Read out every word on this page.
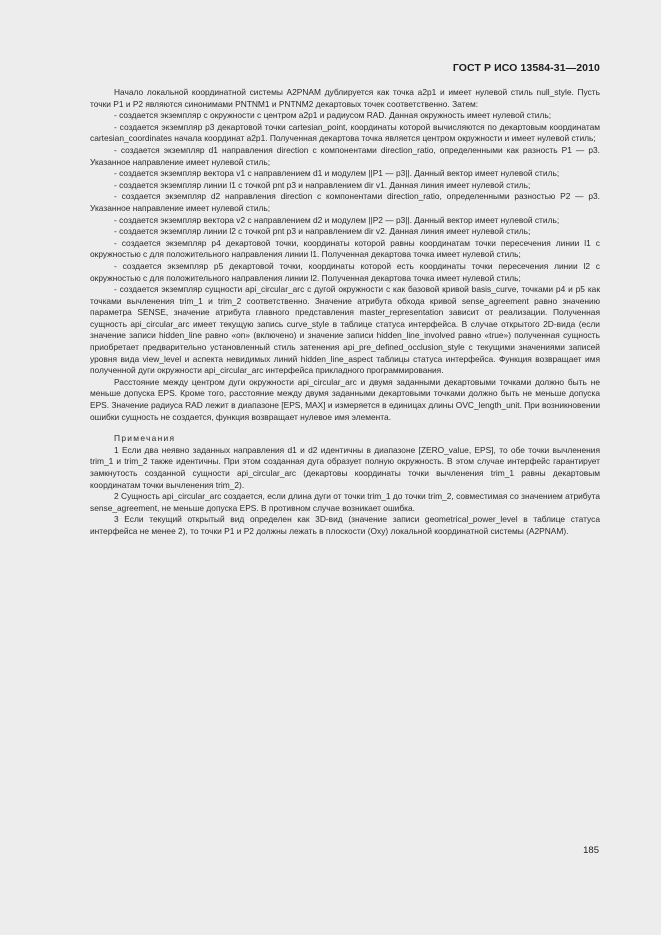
ГОСТ Р ИСО 13584-31—2010

Начало локальной координатной системы A2PNAM дублируется как точка a2p1 и имеет нулевой стиль null_style. Пусть точки P1 и P2 являются синонимами PNTNM1 и PNTNM2 декартовых точек соответственно. Затем:

- создается экземпляр c окружности с центром a2p1 и радиусом RAD. Данная окружность имеет нулевой стиль;

- создается экземпляр p3 декартовой точки cartesian_point, координаты которой вычисляются по декартовым координатам cartesian_coordinates начала координат a2p1. Полученная декартова точка является центром окружности и имеет нулевой стиль;

- создается экземпляр d1 направления direction с компонентами direction_ratio, определенными как разность P1 — p3. Указанное направление имеет нулевой стиль;

- создается экземпляр вектора v1 с направлением d1 и модулем ||P1 — p3||. Данный вектор имеет нулевой стиль;

- создается экземпляр линии l1 с точкой pnt p3 и направлением dir v1. Данная линия имеет нулевой стиль;

- создается экземпляр d2 направления direction с компонентами direction_ratio, определенными разностью P2 — p3. Указанное направление имеет нулевой стиль;

- создается экземпляр вектора v2 с направлением d2 и модулем ||P2 — p3||. Данный вектор имеет нулевой стиль;

- создается экземпляр линии l2 с точкой pnt p3 и направлением dir v2. Данная линия имеет нулевой стиль;

- создается экземпляр p4 декартовой точки, координаты которой равны координатам точки пересечения линии l1 с окружностью c для положительного направления линии l1. Полученная декартова точка имеет нулевой стиль;

- создается экземпляр p5 декартовой точки, координаты которой есть координаты точки пересечения линии l2 с окружностью c для положительного направления линии l2. Полученная декартова точка имеет нулевой стиль;

- создается экземпляр сущности api_circular_arc с дугой окружности c как базовой кривой basis_curve, точками p4 и p5 как точками вычленения trim_1 и trim_2 соответственно. Значение атрибута обхода кривой sense_agreement равно значению параметра SENSE, значение атрибута главного представления master_representation зависит от реализации. Полученная сущность api_circular_arc имеет текущую запись curve_style в таблице статуса интерфейса. В случае открытого 2D-вида (если значение записи hidden_line равно «on» (включено) и значение записи hidden_line_involved равно «true») полученная сущность приобретает предварительно установленный стиль затенения api_pre_defined_occlusion_style с текущими значениями записей уровня вида view_level и аспекта невидимых линий hidden_line_aspect таблицы статуса интерфейса. Функция возвращает имя полученной дуги окружности api_circular_arc интерфейса прикладного программирования.

Расстояние между центром дуги окружности api_circular_arc и двумя заданными декартовыми точками должно быть не меньше допуска EPS. Кроме того, расстояние между двумя заданными декартовыми точками должно быть не меньше допуска EPS. Значение радиуса RAD лежит в диапазоне [EPS, MAX] и измеряется в единицах длины OVC_length_unit. При возникновении ошибки сущность не создается, функция возвращает нулевое имя элемента.

Примечания

1 Если два неявно заданных направления d1 и d2 идентичны в диапазоне [ZERO_value, EPS], то обе точки вычленения trim_1 и trim_2 также идентичны. При этом созданная дуга образует полную окружность. В этом случае интерфейс гарантирует замкнутость созданной сущности api_circular_arc (декартовы координаты точки вычленения trim_1 равны декартовым координатам точки вычленения trim_2).

2 Сущность api_circular_arc создается, если длина дуги от точки trim_1 до точки trim_2, совместимая со значением атрибута sense_agreement, не меньше допуска EPS. В противном случае возникает ошибка.

3 Если текущий открытый вид определен как 3D-вид (значение записи geometrical_power_level в таблице статуса интерфейса не менее 2), то точки P1 и P2 должны лежать в плоскости (Oxy) локальной координатной системы (A2PNAM).

185
